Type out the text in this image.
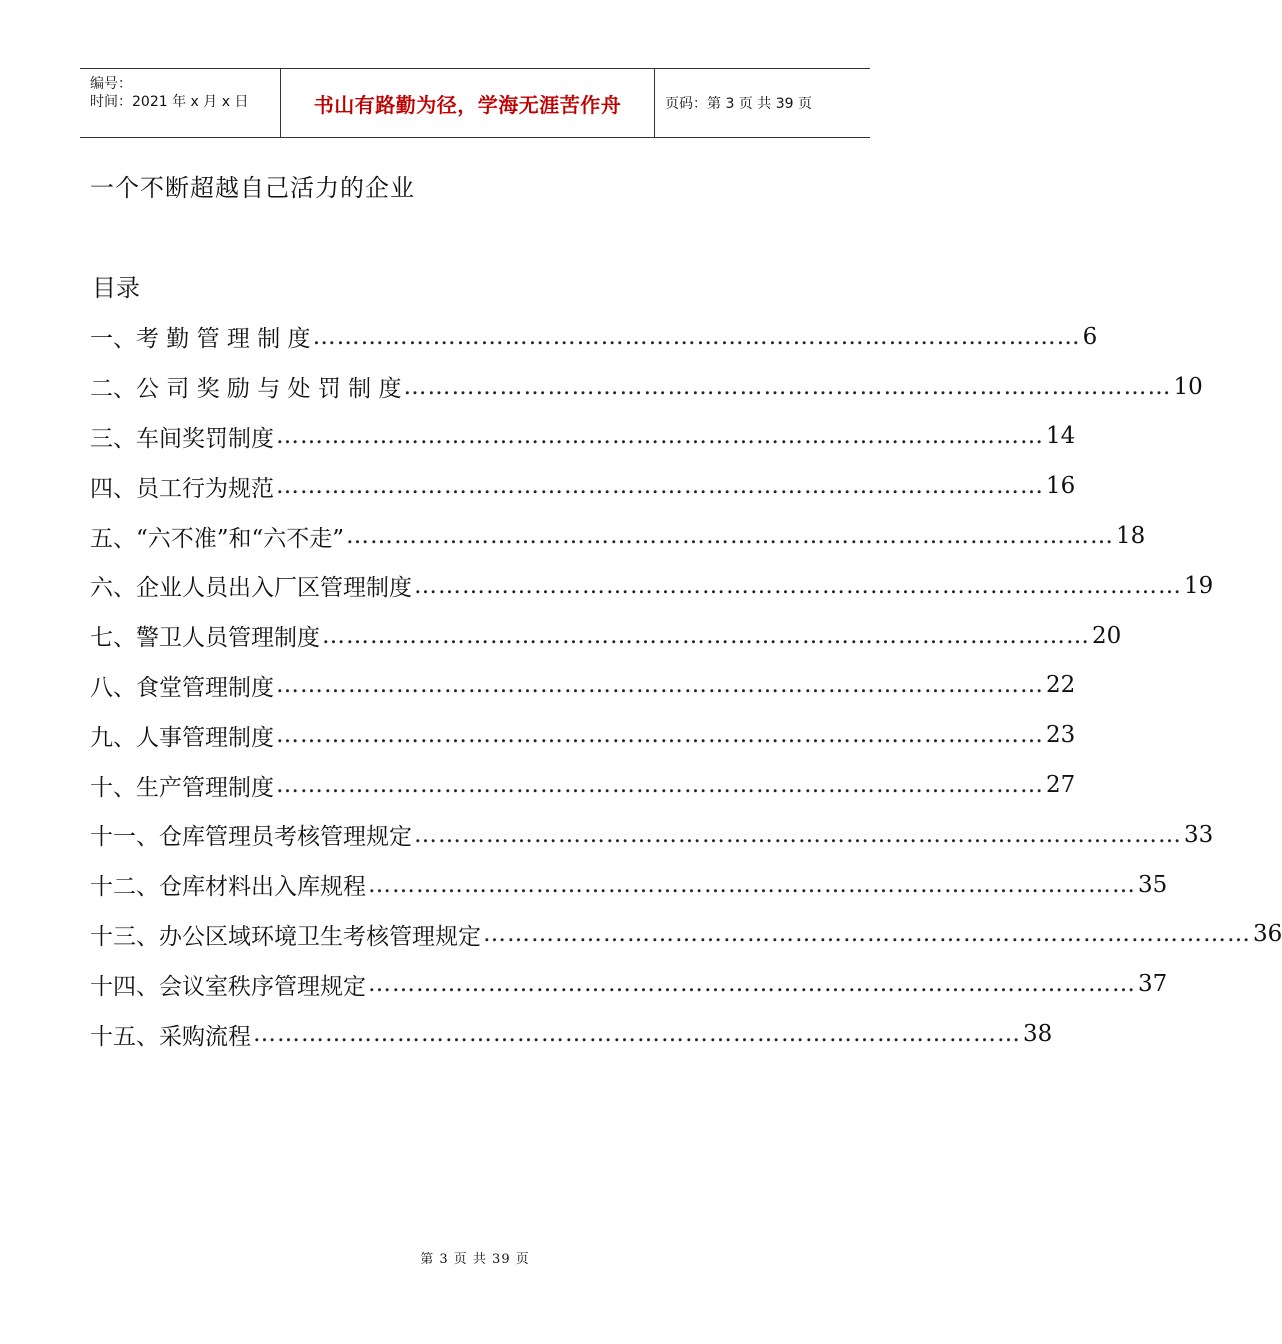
编号：
时间：2021 年 x 月 x 日	书山有路勤为径，学海无涯苦作舟	页码：第 3 页 共 39 页
一个不断超越自己活力的企业
目录
一、 考 勤 管 理 制 度 …………………………………………………………………………………… 6
二、 公 司 奖 励 与 处 罚 制 度 …………………………………………………………………………………… 10
三、 车间奖罚制度 …………………………………………………………………………………… 14
四、 员工行为规范 …………………………………………………………………………………… 16
五、 “六不准”和“六不走” …………………………………………………………………………………… 18
六、 企业人员出入厂区管理制度 …………………………………………………………………………………… 19
七、 警卫人员管理制度 …………………………………………………………………………………… 20
八、 食堂管理制度 …………………………………………………………………………………… 22
九、 人事管理制度 …………………………………………………………………………………… 23
十、 生产管理制度 …………………………………………………………………………………… 27
十一、 仓库管理员考核管理规定 …………………………………………………………………………………… 33
十二、 仓库材料出入库规程 …………………………………………………………………………………… 35
十三、 办公区域环境卫生考核管理规定 …………………………………………………………………………………… 36
十四、 会议室秩序管理规定 …………………………………………………………………………………… 37
十五、 采购流程 …………………………………………………………………………………… 38
第 3 页 共 39 页
